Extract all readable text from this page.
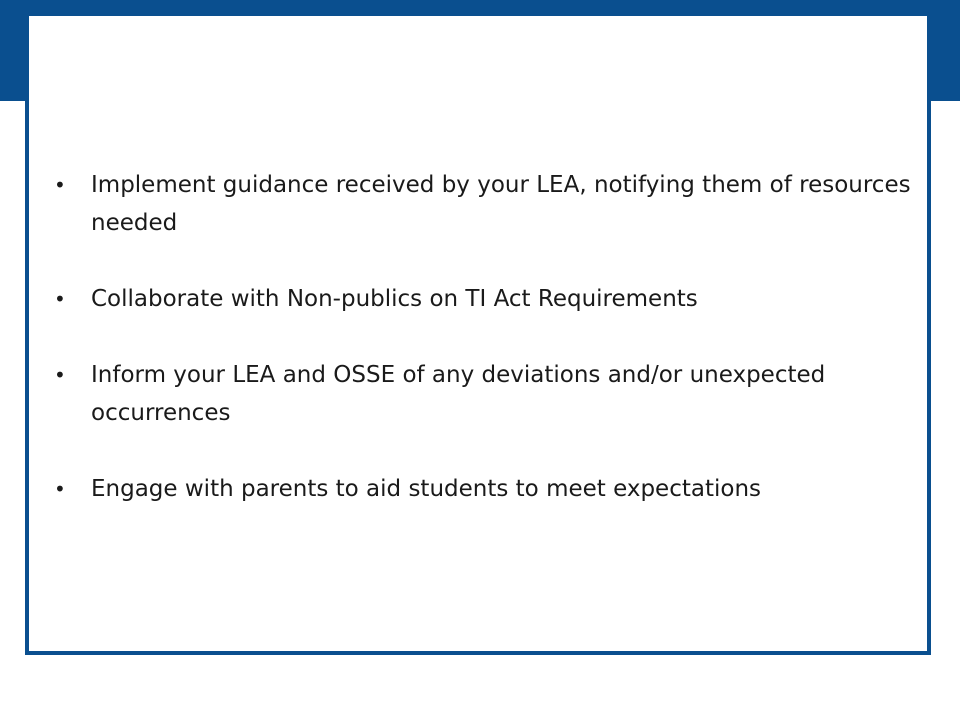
•	Implement guidance received by your LEA, notifying them of resources needed
•	Collaborate with Non-publics on TI Act Requirements
•	Inform your LEA and OSSE of any deviations and/or unexpected occurrences
•	Engage with parents to aid students to meet expectations
